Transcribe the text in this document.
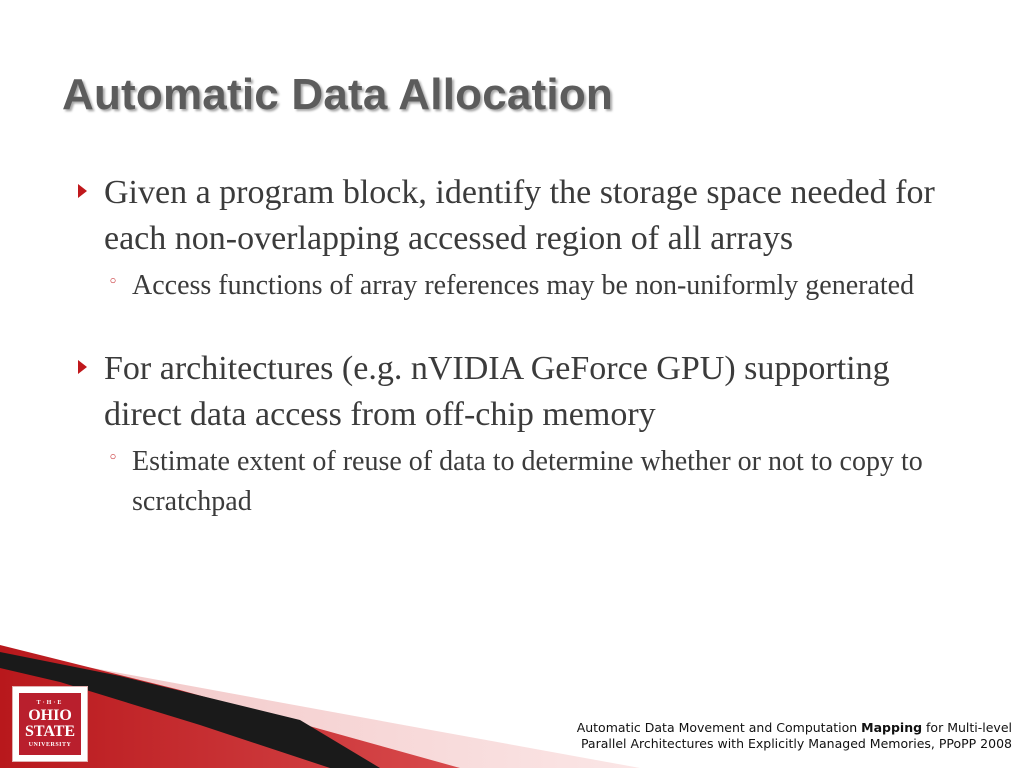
Automatic Data Allocation
Given a program block, identify the storage space needed for each non-overlapping accessed region of all arrays
◦ Access functions of array references may be non-uniformly generated
For architectures (e.g. nVIDIA GeForce GPU) supporting direct data access from off-chip memory
◦ Estimate extent of reuse of data to determine whether or not to copy to scratchpad
T·H·E
OHIO
STATE
UNIVERSITY
Automatic Data Movement and Computation Mapping for Multi-level
Parallel Architectures with Explicitly Managed Memories, PPoPP 2008
